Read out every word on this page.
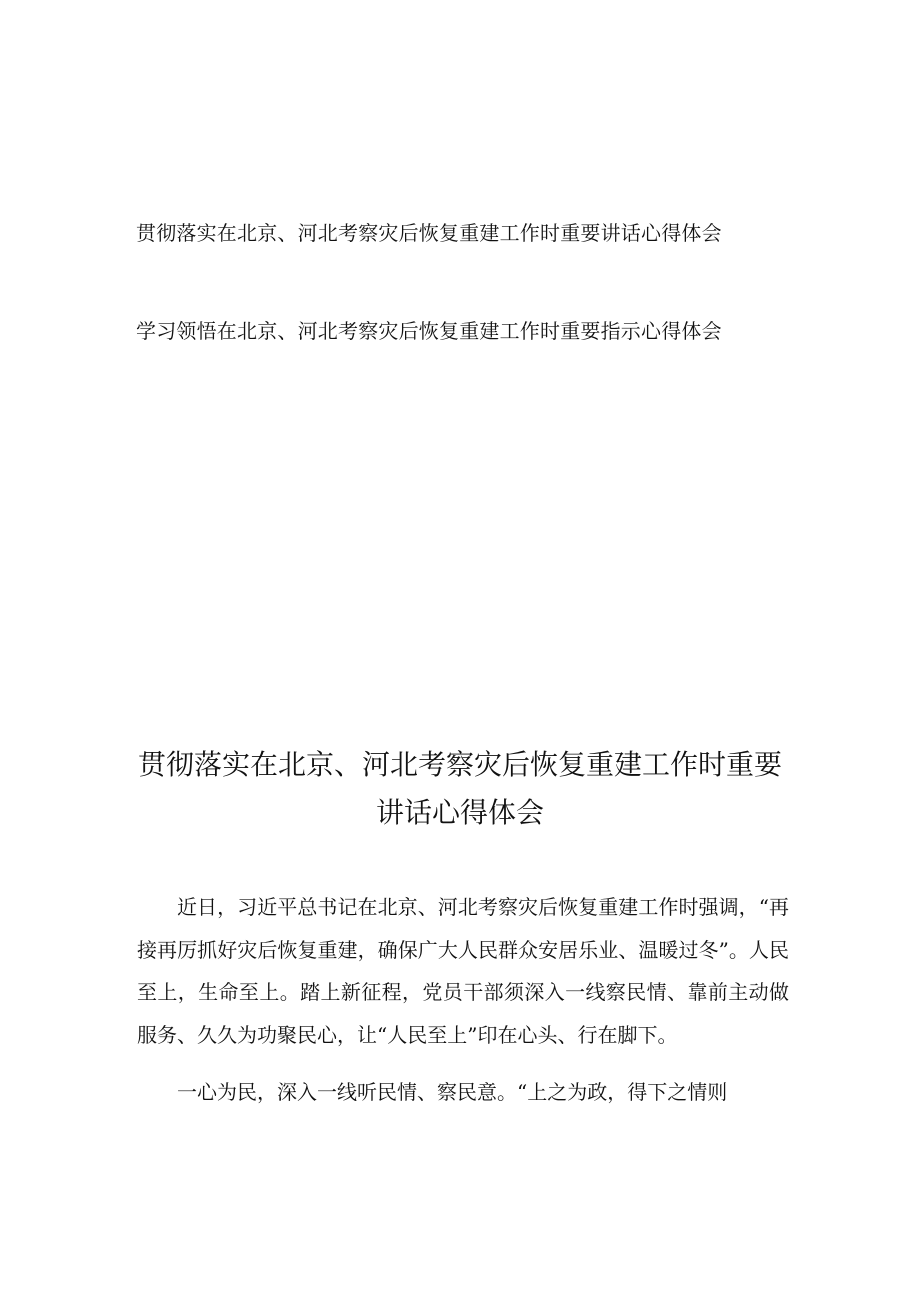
贯彻落实在北京、河北考察灾后恢复重建工作时重要讲话心得体会
学习领悟在北京、河北考察灾后恢复重建工作时重要指示心得体会
贯彻落实在北京、河北考察灾后恢复重建工作时重要
讲话心得体会

近日，习近平总书记在北京、河北考察灾后恢复重建工作时强调，“再接再厉抓好灾后恢复重建，确保广大人民群众安居乐业、温暖过冬”。人民至上，生命至上。踏上新征程，党员干部须深入一线察民情、靠前主动做服务、久久为功聚民心，让“人民至上”印在心头、行在脚下。

一心为民，深入一线听民情、察民意。“上之为政，得下之情则
